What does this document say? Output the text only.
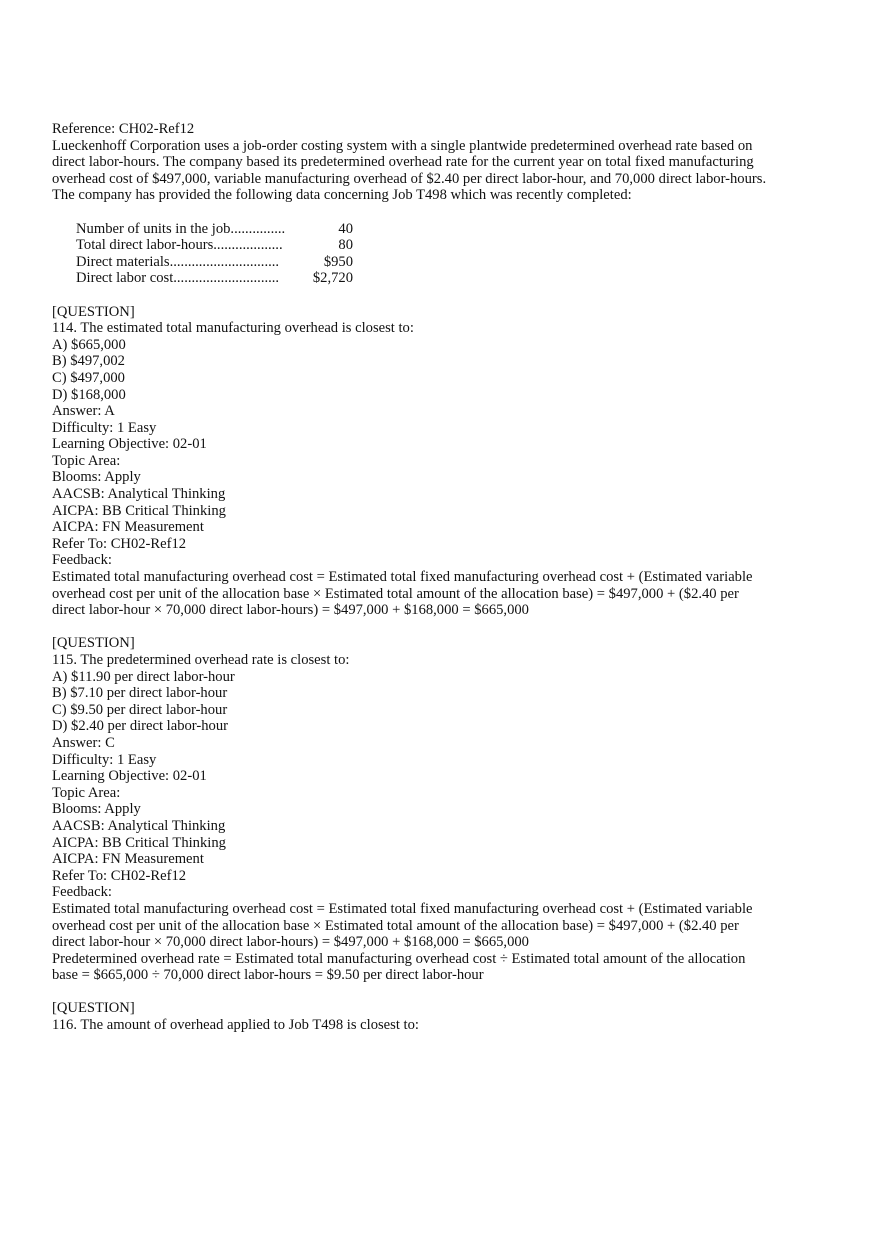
Reference: CH02-Ref12
Lueckenhoff Corporation uses a job-order costing system with a single plantwide predetermined overhead rate based on
direct labor-hours. The company based its predetermined overhead rate for the current year on total fixed manufacturing
overhead cost of $497,000, variable manufacturing overhead of $2.40 per direct labor-hour, and 70,000 direct labor-hours.
The company has provided the following data concerning Job T498 which was recently completed:
Number of units in the job...............	40
Total direct labor-hours...................	80
Direct materials..............................	$950
Direct labor cost.............................	$2,720
[QUESTION]
114. The estimated total manufacturing overhead is closest to:
A) $665,000
B) $497,002
C) $497,000
D) $168,000
Answer: A
Difficulty: 1 Easy
Learning Objective: 02-01
Topic Area:
Blooms: Apply
AACSB: Analytical Thinking
AICPA: BB Critical Thinking
AICPA: FN Measurement
Refer To: CH02-Ref12
Feedback:
Estimated total manufacturing overhead cost = Estimated total fixed manufacturing overhead cost + (Estimated variable
overhead cost per unit of the allocation base × Estimated total amount of the allocation base) = $497,000 + ($2.40 per
direct labor-hour × 70,000 direct labor-hours) = $497,000 + $168,000 = $665,000
[QUESTION]
115. The predetermined overhead rate is closest to:
A) $11.90 per direct labor-hour
B) $7.10 per direct labor-hour
C) $9.50 per direct labor-hour
D) $2.40 per direct labor-hour
Answer: C
Difficulty: 1 Easy
Learning Objective: 02-01
Topic Area:
Blooms: Apply
AACSB: Analytical Thinking
AICPA: BB Critical Thinking
AICPA: FN Measurement
Refer To: CH02-Ref12
Feedback:
Estimated total manufacturing overhead cost = Estimated total fixed manufacturing overhead cost + (Estimated variable
overhead cost per unit of the allocation base × Estimated total amount of the allocation base) = $497,000 + ($2.40 per
direct labor-hour × 70,000 direct labor-hours) = $497,000 + $168,000 = $665,000
Predetermined overhead rate = Estimated total manufacturing overhead cost ÷ Estimated total amount of the allocation
base = $665,000 ÷ 70,000 direct labor-hours = $9.50 per direct labor-hour
[QUESTION]
116. The amount of overhead applied to Job T498 is closest to:
